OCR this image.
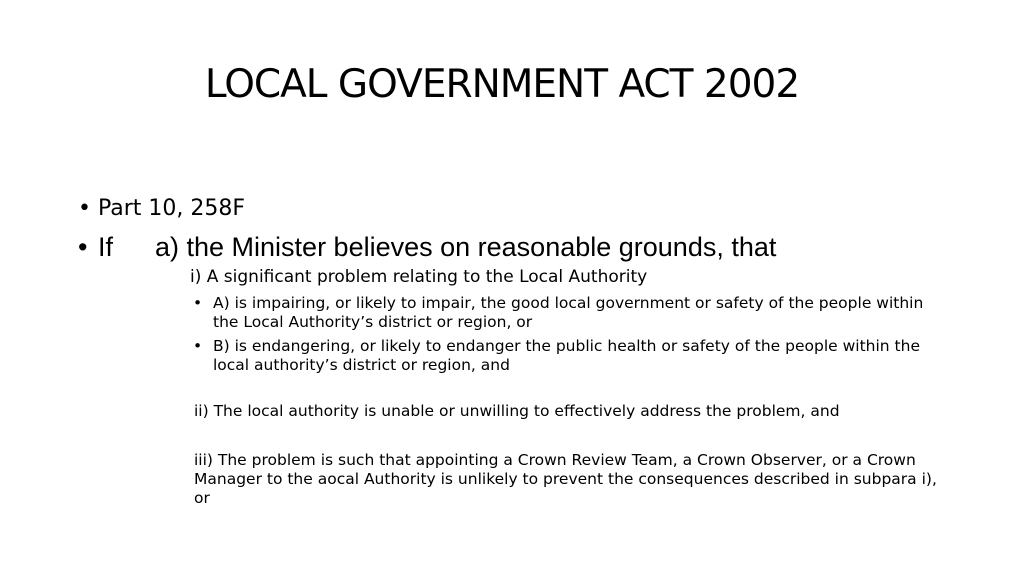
LOCAL GOVERNMENT ACT 2002
• Part 10, 258F
• If a) the Minister believes on reasonable grounds, that
i) A significant problem relating to the Local Authority
• A) is impairing, or likely to impair, the good local government or safety of the people within the Local Authority’s district or region, or
• B) is endangering, or likely to endanger the public health or safety of the people within the local authority’s district or region, and
ii) The local authority is unable or unwilling to effectively address the problem, and
iii) The problem is such that appointing a Crown Review Team, a Crown Observer, or a Crown Manager to the aocal Authority is unlikely to prevent the consequences described in subpara i), or
